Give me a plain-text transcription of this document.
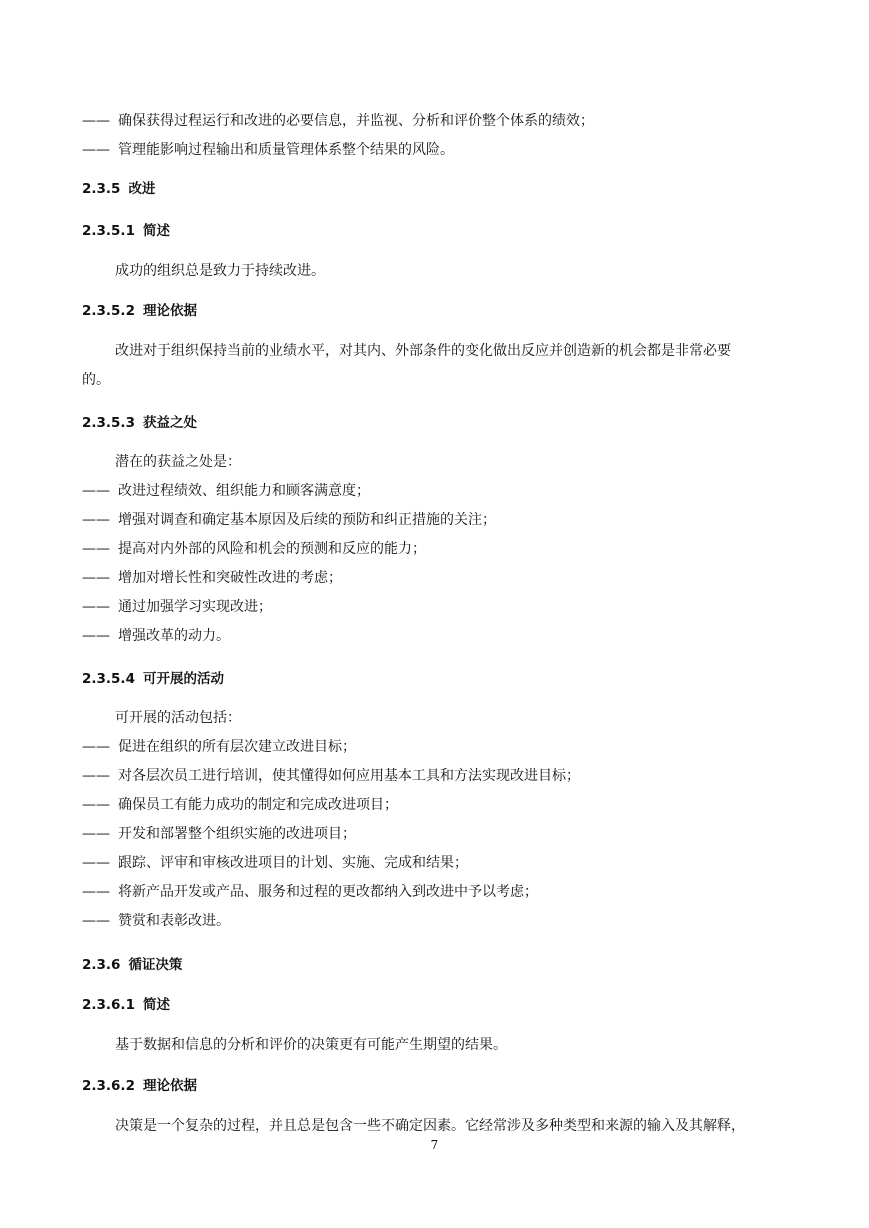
—— 确保获得过程运行和改进的必要信息，并监视、分析和评价整个体系的绩效；
—— 管理能影响过程输出和质量管理体系整个结果的风险。
2.3.5 改进
2.3.5.1 简述
成功的组织总是致力于持续改进。
2.3.5.2 理论依据
改进对于组织保持当前的业绩水平，对其内、外部条件的变化做出反应并创造新的机会都是非常必要
的。
2.3.5.3 获益之处
潜在的获益之处是：
—— 改进过程绩效、组织能力和顾客满意度；
—— 增强对调查和确定基本原因及后续的预防和纠正措施的关注；
—— 提高对内外部的风险和机会的预测和反应的能力；
—— 增加对增长性和突破性改进的考虑；
—— 通过加强学习实现改进；
—— 增强改革的动力。
2.3.5.4 可开展的活动
可开展的活动包括：
—— 促进在组织的所有层次建立改进目标；
—— 对各层次员工进行培训，使其懂得如何应用基本工具和方法实现改进目标；
—— 确保员工有能力成功的制定和完成改进项目；
—— 开发和部署整个组织实施的改进项目；
—— 跟踪、评审和审核改进项目的计划、实施、完成和结果；
—— 将新产品开发或产品、服务和过程的更改都纳入到改进中予以考虑；
—— 赞赏和表彰改进。
2.3.6 循证决策
2.3.6.1 简述
基于数据和信息的分析和评价的决策更有可能产生期望的结果。
2.3.6.2 理论依据
决策是一个复杂的过程，并且总是包含一些不确定因素。它经常涉及多种类型和来源的输入及其解释，
7
